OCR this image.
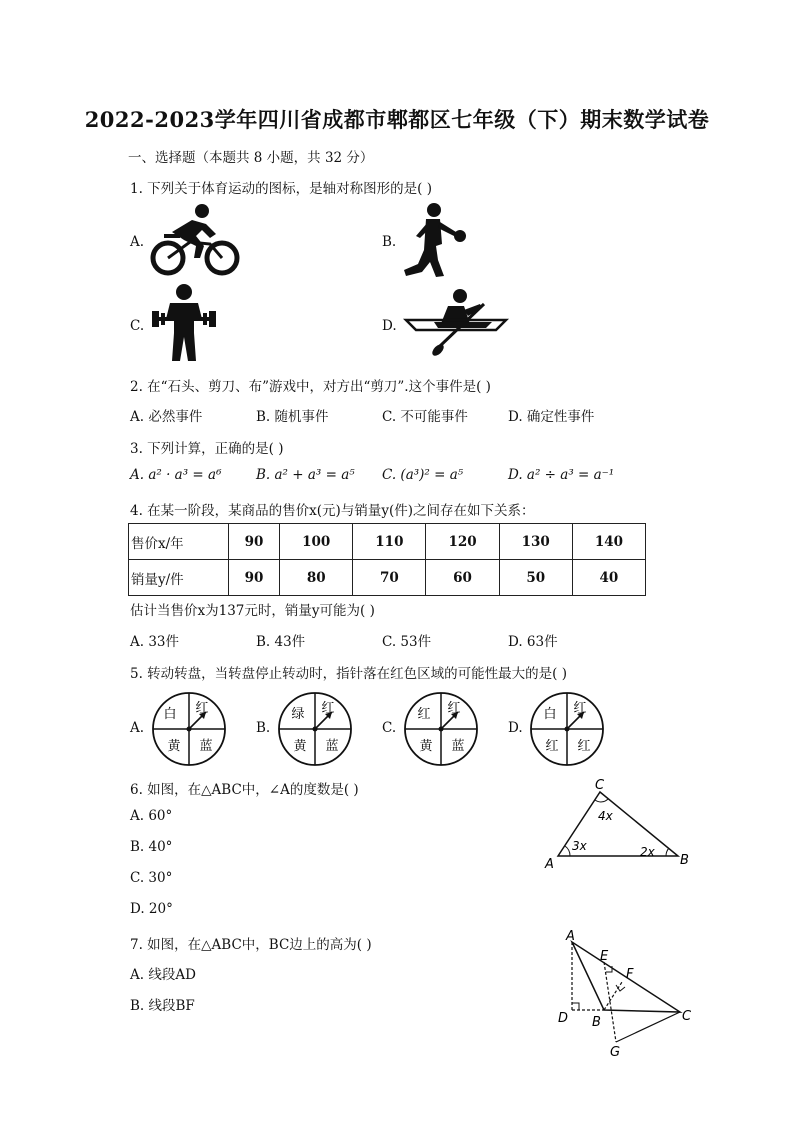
2022-2023学年四川省成都市郫都区七年级（下）期末数学试卷
一、选择题（本题共 8 小题，共 32 分）
1. 下列关于体育运动的图标，是轴对称图形的是( )
A.	B.
C.	D.
2. 在“石头、剪刀、布”游戏中，对方出“剪刀”.这个事件是( )
A. 必然事件	B. 随机事件	C. 不可能事件	D. 确定性事件
3. 下列计算，正确的是( )
A. a² · a³ = a⁶	B. a² + a³ = a⁵ C. (a³)² = a⁵	D. a² ÷ a³ = a⁻¹
4. 在某一阶段，某商品的售价x(元)与销量y(件)之间存在如下关系：
售价x/年	90	100	110	120	130	140
销量y/件	90	80	70	60	50	40
估计当售价x为137元时，销量y可能为( )
A. 33件	B. 43件	C. 53件	D. 63件
5. 转动转盘，当转盘停止转动时，指针落在红色区域的可能性最大的是( )
A.	B.	C.	D.
白 红
黄 蓝
绿 红
黄 蓝
红 红
黄 蓝
白 红
红 红
6. 如图，在△ABC中，∠A的度数是( )
A. 60°
B. 40°
C. 30°
D. 20°
A	B
C
3x	2x
4x
7. 如图，在△ABC中，BC边上的高为( )
A. 线段AD
B. 线段BF
A
B	C
D
E
F
G
